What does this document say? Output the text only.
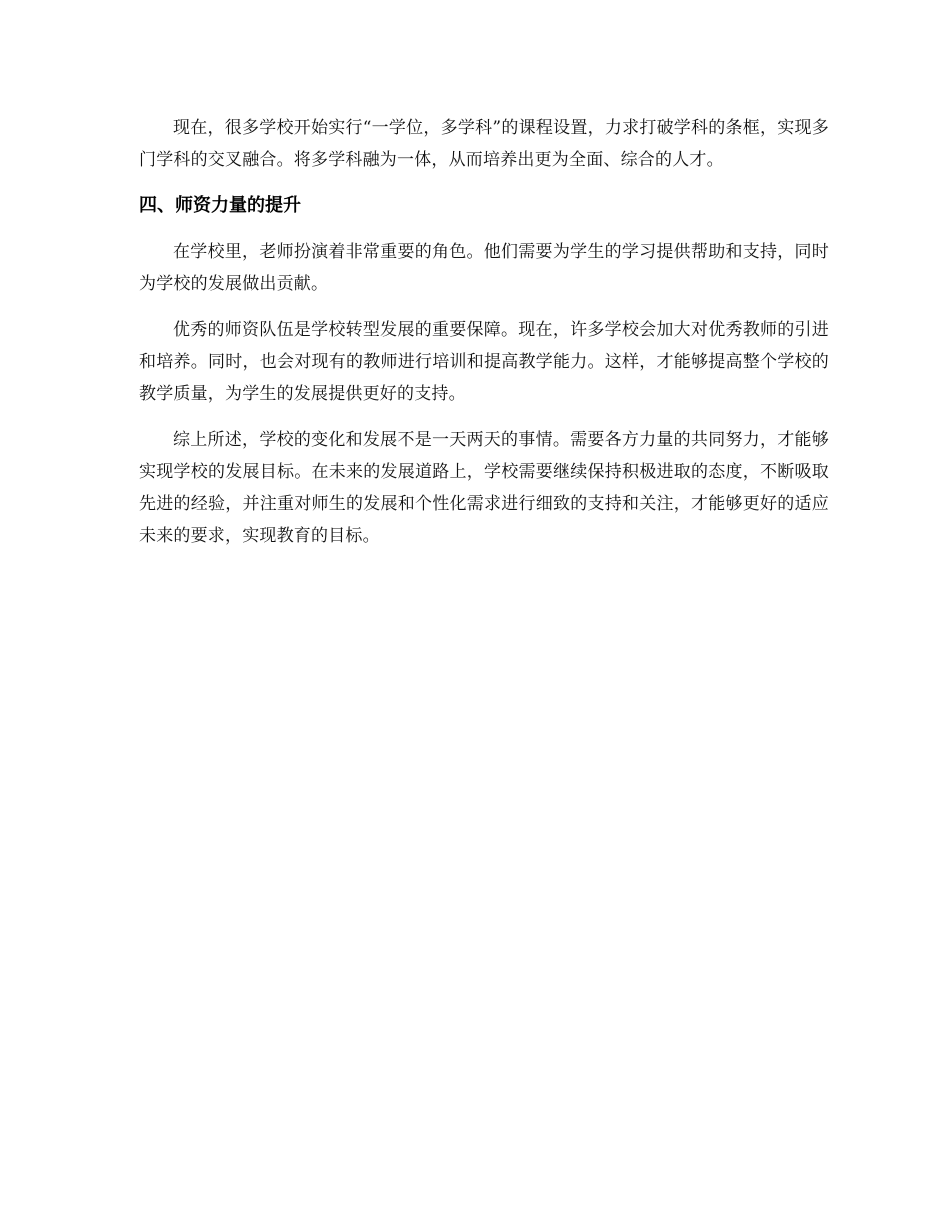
现在，很多学校开始实行“一学位，多学科”的课程设置，力求打破学科的条框，实现多门学科的交叉融合。将多学科融为一体，从而培养出更为全面、综合的人才。

四、师资力量的提升

在学校里，老师扮演着非常重要的角色。他们需要为学生的学习提供帮助和支持，同时为学校的发展做出贡献。

优秀的师资队伍是学校转型发展的重要保障。现在，许多学校会加大对优秀教师的引进和培养。同时，也会对现有的教师进行培训和提高教学能力。这样，才能够提高整个学校的教学质量，为学生的发展提供更好的支持。

综上所述，学校的变化和发展不是一天两天的事情。需要各方力量的共同努力，才能够实现学校的发展目标。在未来的发展道路上，学校需要继续保持积极进取的态度，不断吸取先进的经验，并注重对师生的发展和个性化需求进行细致的支持和关注，才能够更好的适应未来的要求，实现教育的目标。
